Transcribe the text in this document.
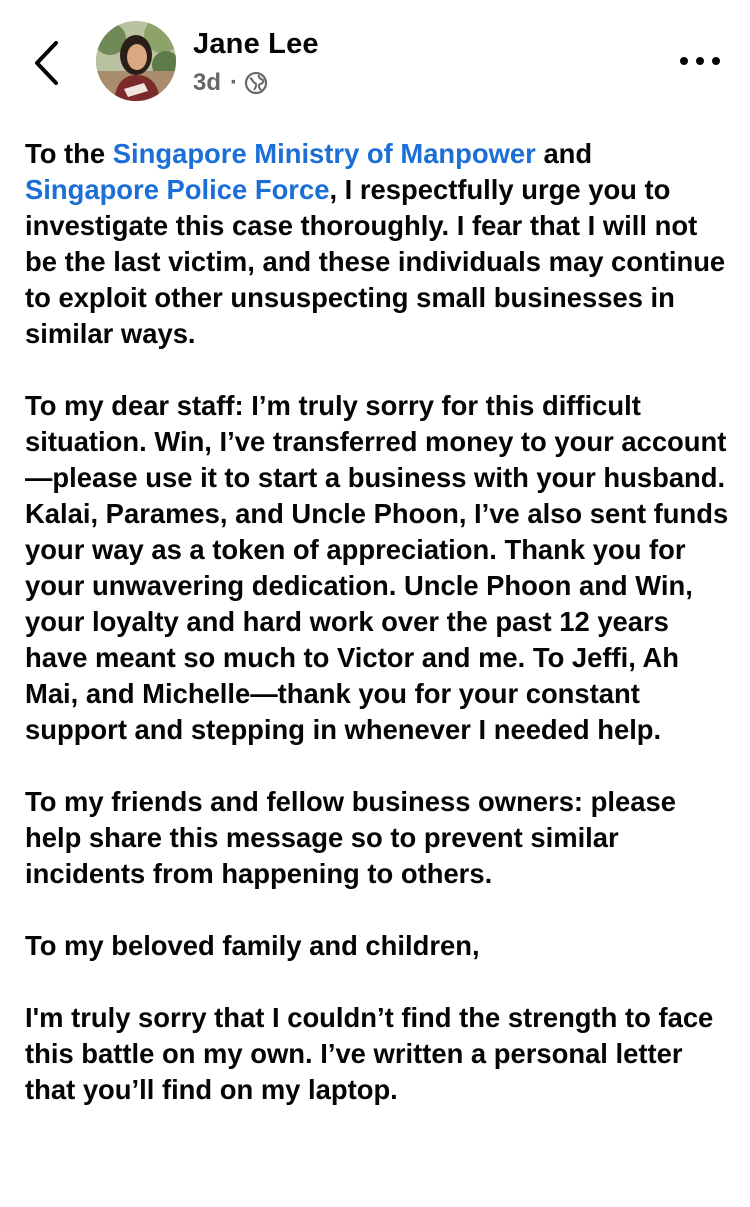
Jane Lee
3d ·

To the Singapore Ministry of Manpower and Singapore Police Force, I respectfully urge you to investigate this case thoroughly. I fear that I will not be the last victim, and these individuals may continue to exploit other unsuspecting small businesses in similar ways.

To my dear staff: I’m truly sorry for this difficult situation. Win, I’ve transferred money to your account—please use it to start a business with your husband. Kalai, Parames, and Uncle Phoon, I’ve also sent funds your way as a token of appreciation. Thank you for your unwavering dedication. Uncle Phoon and Win, your loyalty and hard work over the past 12 years have meant so much to Victor and me. To Jeffi, Ah Mai, and Michelle—thank you for your constant support and stepping in whenever I needed help.

To my friends and fellow business owners: please help share this message so to prevent similar incidents from happening to others.

To my beloved family and children,

I'm truly sorry that I couldn’t find the strength to face this battle on my own. I’ve written a personal letter that you’ll find on my laptop.
